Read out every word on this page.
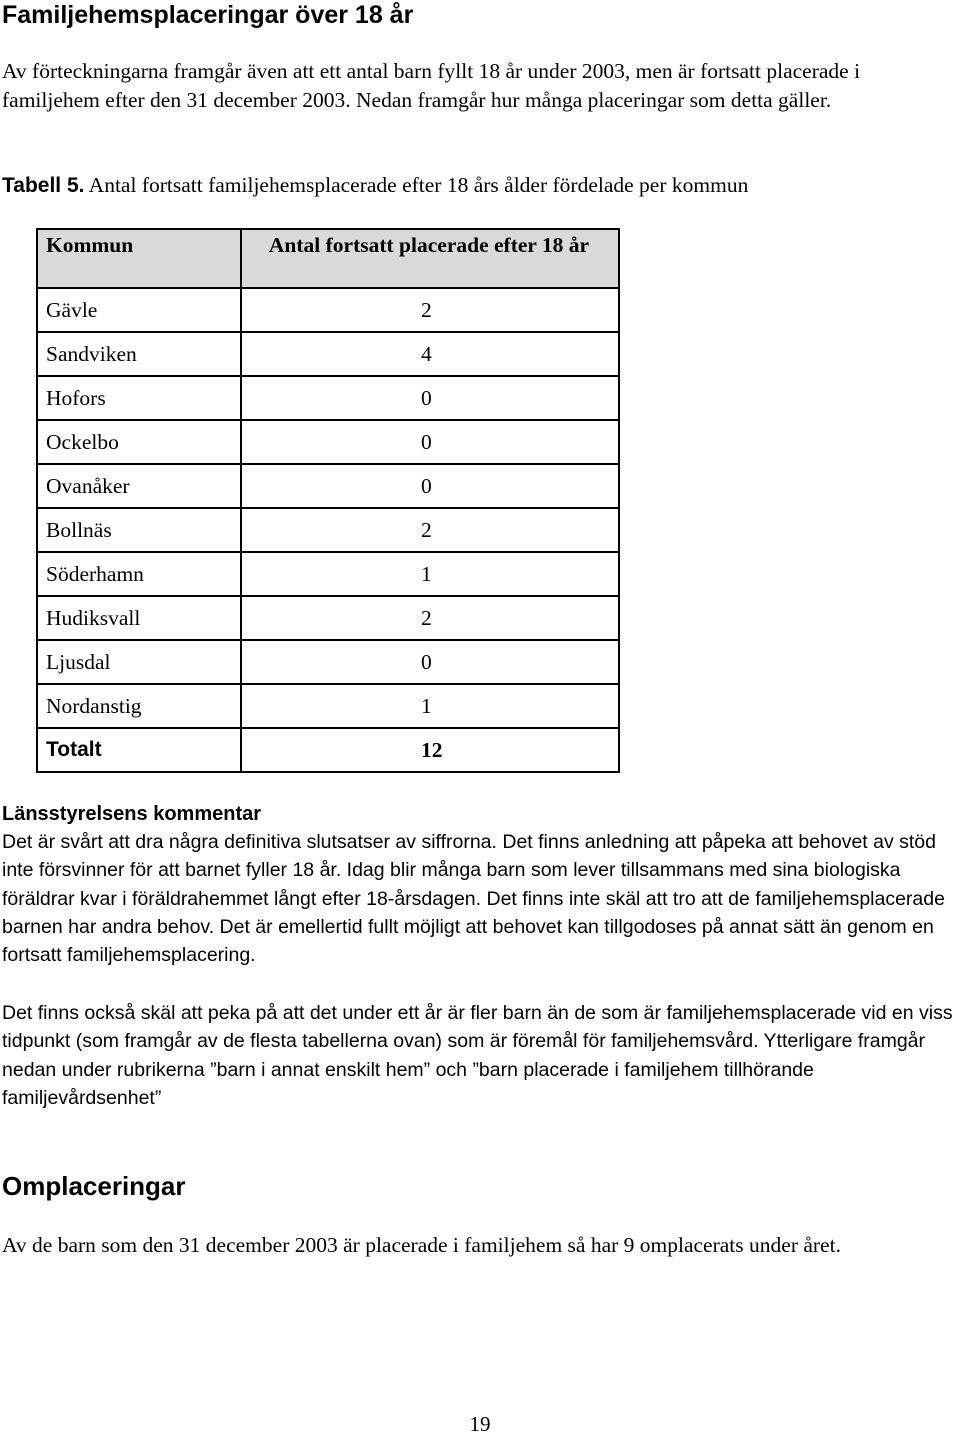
Familjehemsplaceringar över 18 år

Av förteckningarna framgår även att ett antal barn fyllt 18 år under 2003, men är fortsatt placerade i familjehem efter den 31 december 2003. Nedan framgår hur många placeringar som detta gäller.

Tabell 5. Antal fortsatt familjehemsplacerade efter 18 års ålder fördelade per kommun

Kommun	Antal fortsatt placerade efter 18 år
Gävle	2
Sandviken	4
Hofors	0
Ockelbo	0
Ovanåker	0
Bollnäs	2
Söderhamn	1
Hudiksvall	2
Ljusdal	0
Nordanstig	1
Totalt	12

Länsstyrelsens kommentar

Det är svårt att dra några definitiva slutsatser av siffrorna. Det finns anledning att påpeka att behovet av stöd inte försvinner för att barnet fyller 18 år. Idag blir många barn som lever tillsammans med sina biologiska föräldrar kvar i föräldrahemmet långt efter 18-årsdagen. Det finns inte skäl att tro att de familjehemsplacerade barnen har andra behov. Det är emellertid fullt möjligt att behovet kan tillgodoses på annat sätt än genom en fortsatt familjehemsplacering.

Det finns också skäl att peka på att det under ett år är fler barn än de som är familjehemsplacerade vid en viss tidpunkt (som framgår av de flesta tabellerna ovan) som är föremål för familjehemsvård. Ytterligare framgår nedan under rubrikerna ”barn i annat enskilt hem” och ”barn placerade i familjehem tillhörande familjevårdsenhet”

Omplaceringar

Av de barn som den 31 december 2003 är placerade i familjehem så har 9 omplacerats under året.

19
